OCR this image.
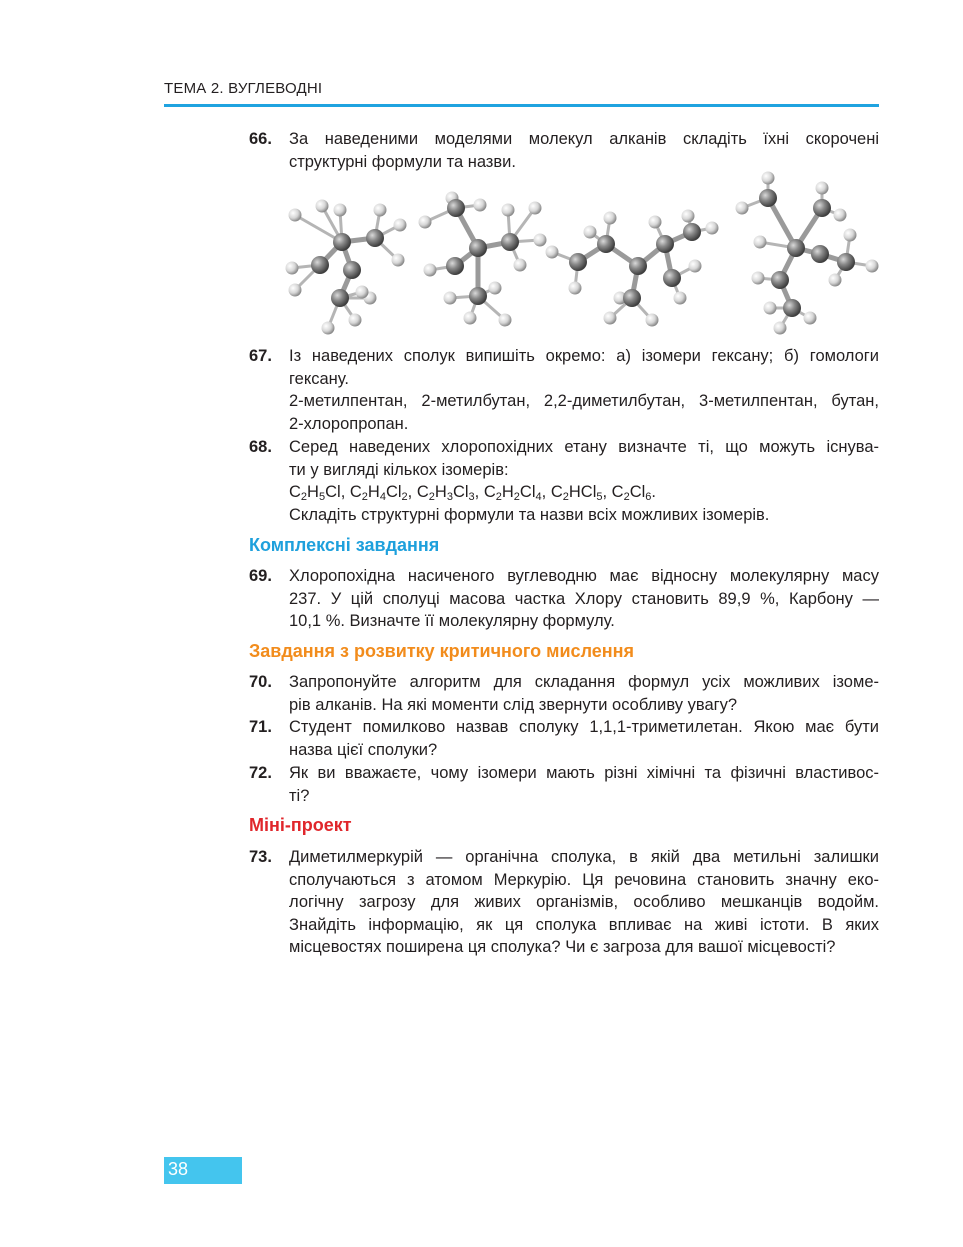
ТЕМА 2. ВУГЛЕВОДНІ
66. За наведеними моделями молекул алканів складіть їхні скорочені

структурні формули та назви.

67. Із наведених сполук випишіть окремо: а) ізомери гексану; б) гомологи

гексану.

2-метилпентан, 2-метилбутан, 2,2-диметилбутан, 3-метилпентан, бутан,

2-хлоропропан.

68. Серед наведених хлоропохідних етану визначте ті, що можуть існува-

ти у вигляді кількох ізомерів:

$C_2H_5Cl$, $C_2H_4Cl_2$, $C_2H_3Cl_3$, $C_2H_2Cl_4$, $C_2HCl_5$, $C_2Cl_6$.

Складіть структурні формули та назви всіх можливих ізомерів.

Комплексні завдання
69. Хлоропохідна насиченого вуглеводню має відносну молекулярну масу

237. У цій сполуці масова частка Хлору становить 89,9 %, Карбону —

10,1 %. Визначте її молекулярну формулу.

Завдання з розвитку критичного мислення
70. Запропонуйте алгоритм для складання формул усіх можливих ізоме-

рів алканів. На які моменти слід звернути особливу увагу?

71. Студент помилково назвав сполуку 1,1,1-триметилетан. Якою має бути

назва цієї сполуки?

72. Як ви вважаєте, чому ізомери мають різні хімічні та фізичні властивос-

ті?

Міні-проект
73. Диметилмеркурій — органічна сполука, в якій два метильні залишки

сполучаються з атомом Меркурію. Ця речовина становить значну еко-

логічну загрозу для живих організмів, особливо мешканців водойм.

Знайдіть інформацію, як ця сполука впливає на живі істоти. В яких

місцевостях поширена ця сполука? Чи є загроза для вашої місцевості?

38
